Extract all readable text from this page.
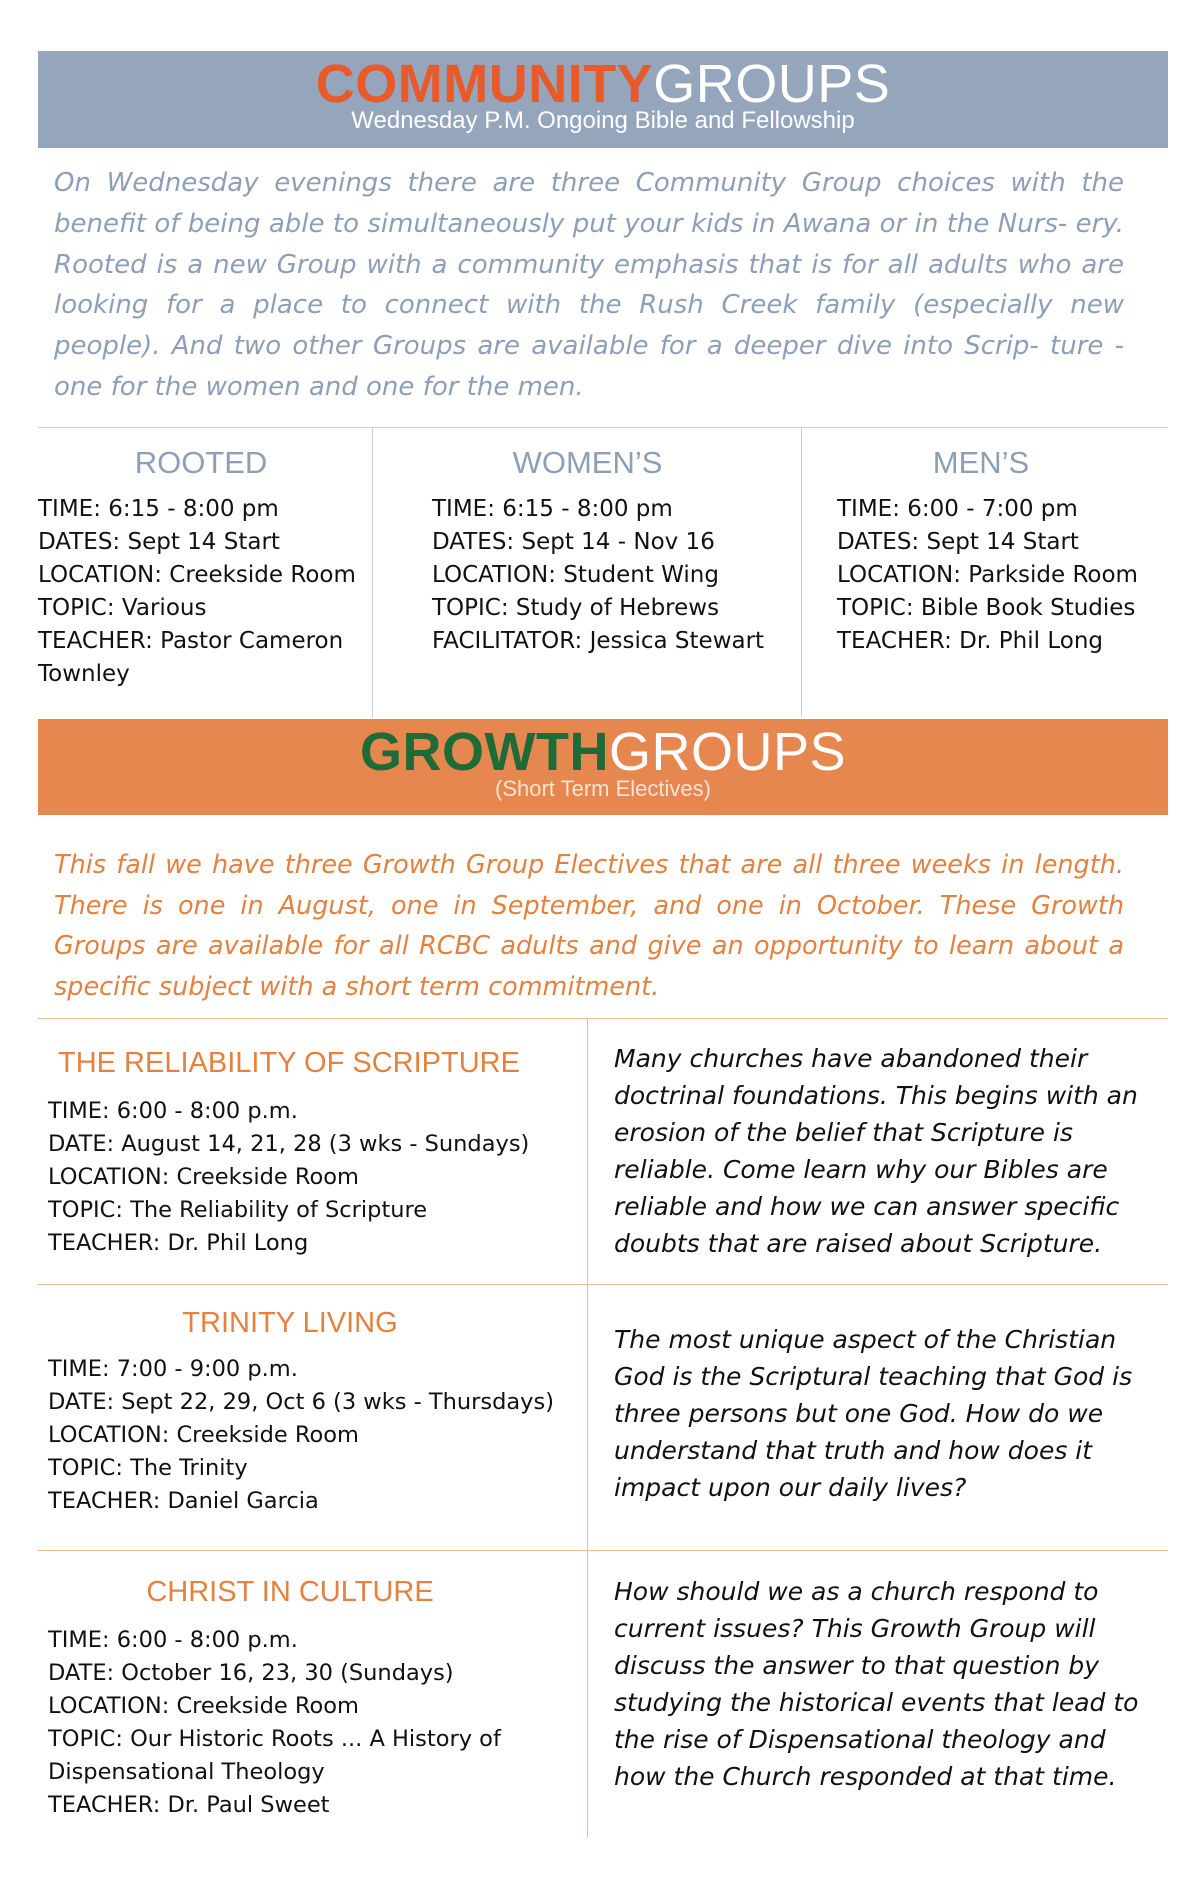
COMMUNITYGROUPS
Wednesday P.M. Ongoing Bible and Fellowship

On Wednesday evenings there are three Community Group choices with the benefit of being able to simultaneously put your kids in Awana or in the Nurs- ery. Rooted is a new Group with a community emphasis that is for all adults who are looking for a place to connect with the Rush Creek family (especially new people). And two other Groups are available for a deeper dive into Scrip- ture - one for the women and one for the men.

ROOTED
TIME: 6:15 - 8:00 pm
DATES: Sept 14 Start
LOCATION: Creekside Room
TOPIC: Various
TEACHER: Pastor Cameron Townley
WOMEN’S
TIME: 6:15 - 8:00 pm
DATES: Sept 14 - Nov 16
LOCATION: Student Wing
TOPIC: Study of Hebrews
FACILITATOR: Jessica Stewart
MEN’S
TIME: 6:00 - 7:00 pm
DATES: Sept 14 Start
LOCATION: Parkside Room
TOPIC: Bible Book Studies
TEACHER: Dr. Phil Long
GROWTHGROUPS
(Short Term Electives)

This fall we have three Growth Group Electives that are all three weeks in length. There is one in August, one in September, and one in October. These Growth Groups are available for all RCBC adults and give an opportunity to learn about a specific subject with a short term commitment.

THE RELIABILITY OF SCRIPTURE
TIME: 6:00 - 8:00 p.m.
DATE: August 14, 21, 28 (3 wks - Sundays)
LOCATION: Creekside Room
TOPIC: The Reliability of Scripture
TEACHER: Dr. Phil Long

Many churches have abandoned their doctrinal foundations. This begins with an erosion of the belief that Scripture is reliable. Come learn why our Bibles are reliable and how we can answer specific doubts that are raised about Scripture.

TRINITY LIVING
TIME: 7:00 - 9:00 p.m.
DATE: Sept 22, 29, Oct 6 (3 wks - Thursdays)
LOCATION: Creekside Room
TOPIC: The Trinity
TEACHER: Daniel Garcia

The most unique aspect of the Christian God is the Scriptural teaching that God is three persons but one God. How do we understand that truth and how does it impact upon our daily lives?

CHRIST IN CULTURE
TIME: 6:00 - 8:00 p.m.
DATE: October 16, 23, 30 (Sundays)
LOCATION: Creekside Room
TOPIC: Our Historic Roots ... A History of Dispensational Theology
TEACHER: Dr. Paul Sweet

How should we as a church respond to current issues? This Growth Group will discuss the answer to that question by studying the historical events that lead to the rise of Dispensational theology and how the Church responded at that time.
